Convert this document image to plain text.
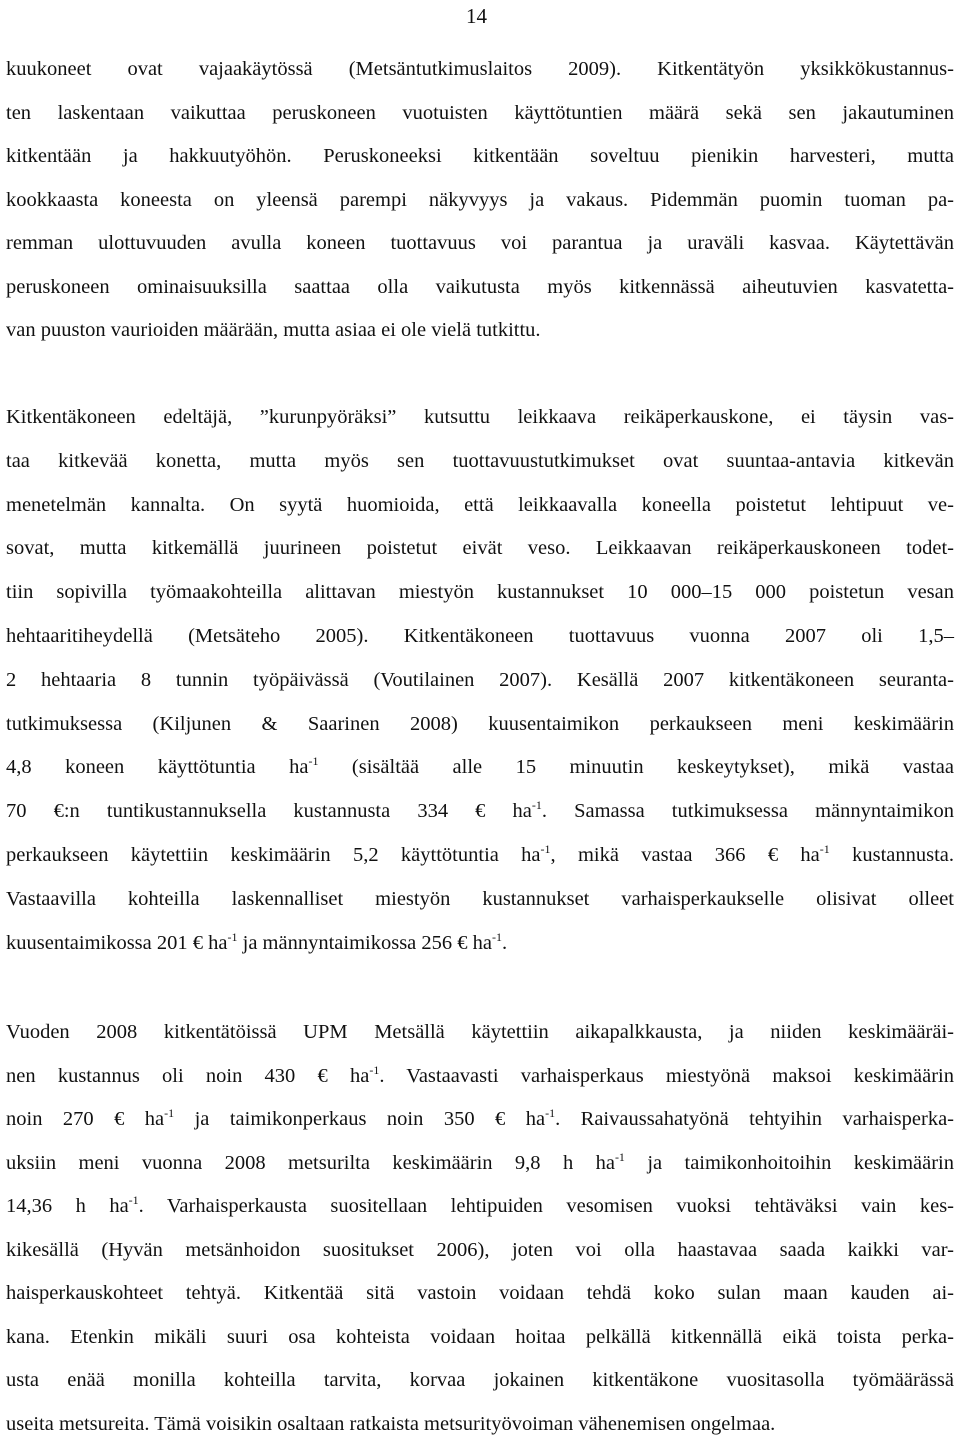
14
kuukoneet ovat vajaakäytössä (Metsäntutkimuslaitos 2009). Kitkentätyön yksikkökustannus-
ten laskentaan vaikuttaa peruskoneen vuotuisten käyttötuntien määrä sekä sen jakautuminen
kitkentään ja hakkuutyöhön. Peruskoneeksi kitkentään soveltuu pienikin harvesteri, mutta
kookkaasta koneesta on yleensä parempi näkyvyys ja vakaus. Pidemmän puomin tuoman pa-
remman ulottuvuuden avulla koneen tuottavuus voi parantua ja uraväli kasvaa. Käytettävän
peruskoneen ominaisuuksilla saattaa olla vaikutusta myös kitkennässä aiheutuvien kasvatetta-
van puuston vaurioiden määrään, mutta asiaa ei ole vielä tutkittu.
Kitkentäkoneen edeltäjä, ”kurunpyöräksi” kutsuttu leikkaava reikäperkauskone, ei täysin vas-
taa kitkevää konetta, mutta myös sen tuottavuustutkimukset ovat suuntaa-antavia kitkevän
menetelmän kannalta. On syytä huomioida, että leikkaavalla koneella poistetut lehtipuut ve-
sovat, mutta kitkemällä juurineen poistetut eivät veso. Leikkaavan reikäperkauskoneen todet-
tiin sopivilla työmaakohteilla alittavan miestyön kustannukset 10 000–15 000 poistetun vesan
hehtaaritiheydellä (Metsäteho 2005). Kitkentäkoneen tuottavuus vuonna 2007 oli 1,5–
2 hehtaaria 8 tunnin työpäivässä (Voutilainen 2007). Kesällä 2007 kitkentäkoneen seuranta-
tutkimuksessa (Kiljunen & Saarinen 2008) kuusentaimikon perkaukseen meni keskimäärin
4,8 koneen käyttötuntia $ha^{-1}$ (sisältää alle 15 minuutin keskeytykset), mikä vastaa
70 €:n tuntikustannuksella kustannusta 334 € $ha^{-1}$. Samassa tutkimuksessa männyntaimikon
perkaukseen käytettiin keskimäärin 5,2 käyttötuntia $ha^{-1}$, mikä vastaa 366 € $ha^{-1}$ kustannusta.
Vastaavilla kohteilla laskennalliset miestyön kustannukset varhaisperkaukselle olisivat olleet
kuusentaimikossa 201 € $ha^{-1}$ ja männyntaimikossa 256 € $ha^{-1}$.
Vuoden 2008 kitkentätöissä UPM Metsällä käytettiin aikapalkkausta, ja niiden keskimääräi-
nen kustannus oli noin 430 € $ha^{-1}$. Vastaavasti varhaisperkaus miestyönä maksoi keskimäärin
noin 270 € $ha^{-1}$ ja taimikonperkaus noin 350 € $ha^{-1}$. Raivaussahatyönä tehtyihin varhaisperka-
uksiin meni vuonna 2008 metsurilta keskimäärin 9,8 h $ha^{-1}$ ja taimikonhoitoihin keskimäärin
14,36 h $ha^{-1}$. Varhaisperkausta suositellaan lehtipuiden vesomisen vuoksi tehtäväksi vain kes-
kikesällä (Hyvän metsänhoidon suositukset 2006), joten voi olla haastavaa saada kaikki var-
haisperkauskohteet tehtyä. Kitkentää sitä vastoin voidaan tehdä koko sulan maan kauden ai-
kana. Etenkin mikäli suuri osa kohteista voidaan hoitaa pelkällä kitkennällä eikä toista perka-
usta enää monilla kohteilla tarvita, korvaa jokainen kitkentäkone vuositasolla työmäärässä
useita metsureita. Tämä voisikin osaltaan ratkaista metsurityövoiman vähenemisen ongelmaa.
